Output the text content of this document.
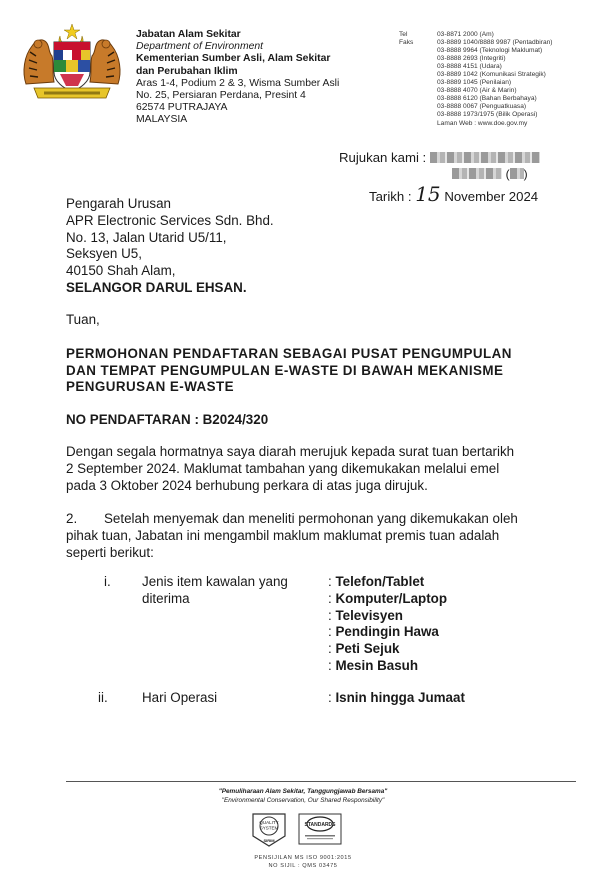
Jabatan Alam Sekitar
Department of Environment
Kementerian Sumber Asli, Alam Sekitar
dan Perubahan Iklim
Aras 1-4, Podium 2 & 3, Wisma Sumber Asli
No. 25, Persiaran Perdana, Presint 4
62574 PUTRAJAYA
MALAYSIA
Tel
Faks
03-8871 2000 (Am)
03-8889 1040/8888 9987 (Pentadbiran)
03-8888 9964 (Teknologi Maklumat)
03-8888 2693 (Integriti)
03-8888 4151 (Udara)
03-8889 1042 (Komunikasi Strategik)
03-8889 1045 (Penilaian)
03-8888 4070 (Air & Marin)
03-8888 6120 (Bahan Berbahaya)
03-8888 0067 (Penguatkuasa)
03-8888 1973/1975 (Bilik Operasi)
Laman Web : www.doe.gov.my
Rujukan kami :
( )
Tarikh : 15 November 2024
Pengarah Urusan
APR Electronic Services Sdn. Bhd.
No. 13, Jalan Utarid U5/11,
Seksyen U5,
40150 Shah Alam,
SELANGOR DARUL EHSAN.
Tuan,
PERMOHONAN PENDAFTARAN SEBAGAI PUSAT PENGUMPULAN
DAN TEMPAT PENGUMPULAN E-WASTE DI BAWAH MEKANISME
PENGURUSAN E-WASTE
NO PENDAFTARAN : B2024/320
Dengan segala hormatnya saya diarah merujuk kepada surat tuan bertarikh
2 September 2024. Maklumat tambahan yang dikemukakan melalui emel
pada 3 Oktober 2024 berhubung perkara di atas juga dirujuk.
2. Setelah menyemak dan meneliti permohonan yang dikemukakan oleh
pihak tuan, Jabatan ini mengambil maklum maklumat premis tuan adalah
seperti berikut:
i. Jenis item kawalan yang
diterima
: Telefon/Tablet
: Komputer/Laptop
: Televisyen
: Pendingin Hawa
: Peti Sejuk
: Mesin Basuh
ii.	Hari Operasi	: Isnin hingga Jumaat
"Pemuliharaan Alam Sekitar, Tanggungjawab Bersama"
"Environmental Conservation, Our Shared Responsibility"
QUALITY
SYSTEM
SIRIM
STANDARDS
PENSIJILAN MS ISO 9001:2015
NO SIJIL : QMS 03475
